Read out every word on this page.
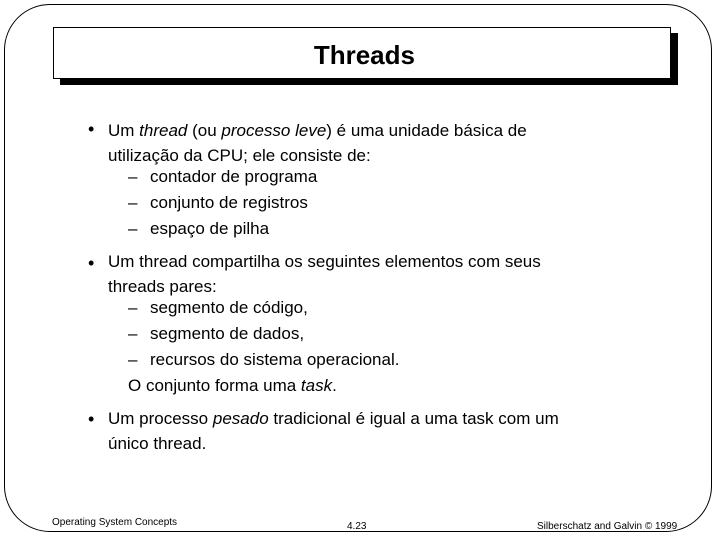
Threads
• Um thread (ou processo leve) é uma unidade básica de
utilização da CPU; ele consiste de:
– contador de programa
– conjunto de registros
– espaço de pilha
• Um thread compartilha os seguintes elementos com seus
threads pares:
– segmento de código,
– segmento de dados,
– recursos do sistema operacional.
O conjunto forma uma task.
• Um processo pesado tradicional é igual a uma task com um
único thread.
Operating System Concepts	4.23	Silberschatz and Galvin © 1999
